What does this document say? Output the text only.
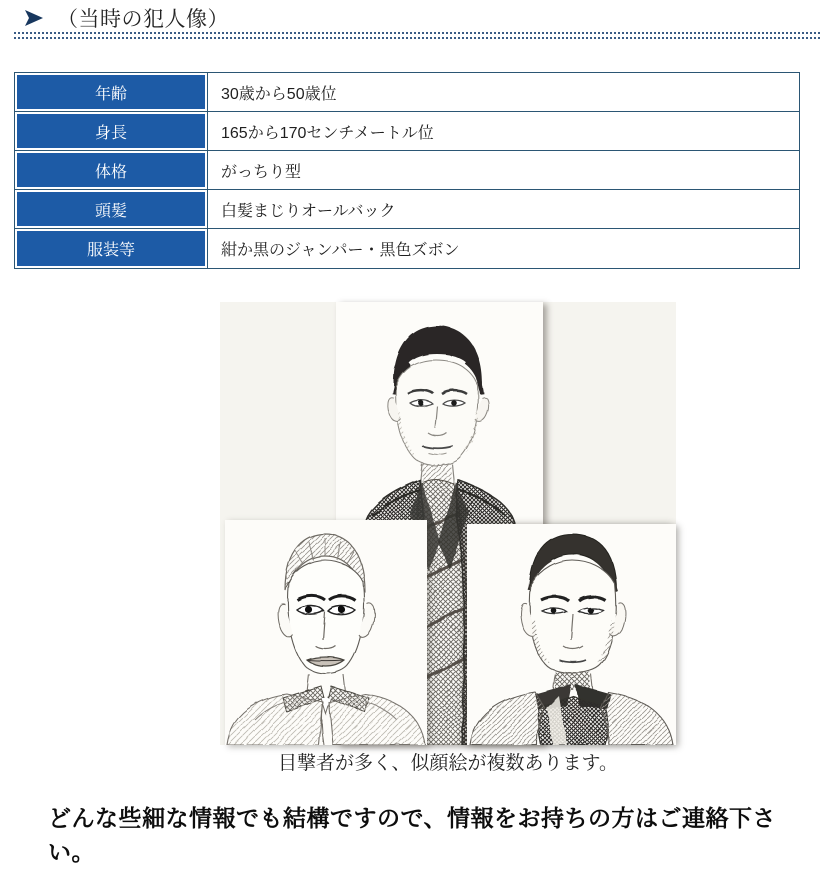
（当時の犯人像）
年齢	30歳から50歳位
身長	165から170センチメートル位
体格	がっちり型
頭髪	白髪まじりオールバック
服装等	紺か黒のジャンパー・黒色ズボン
目撃者が多く、似顔絵が複数あります。
どんな些細な情報でも結構ですので、情報をお持ちの方はご連絡下さい。
